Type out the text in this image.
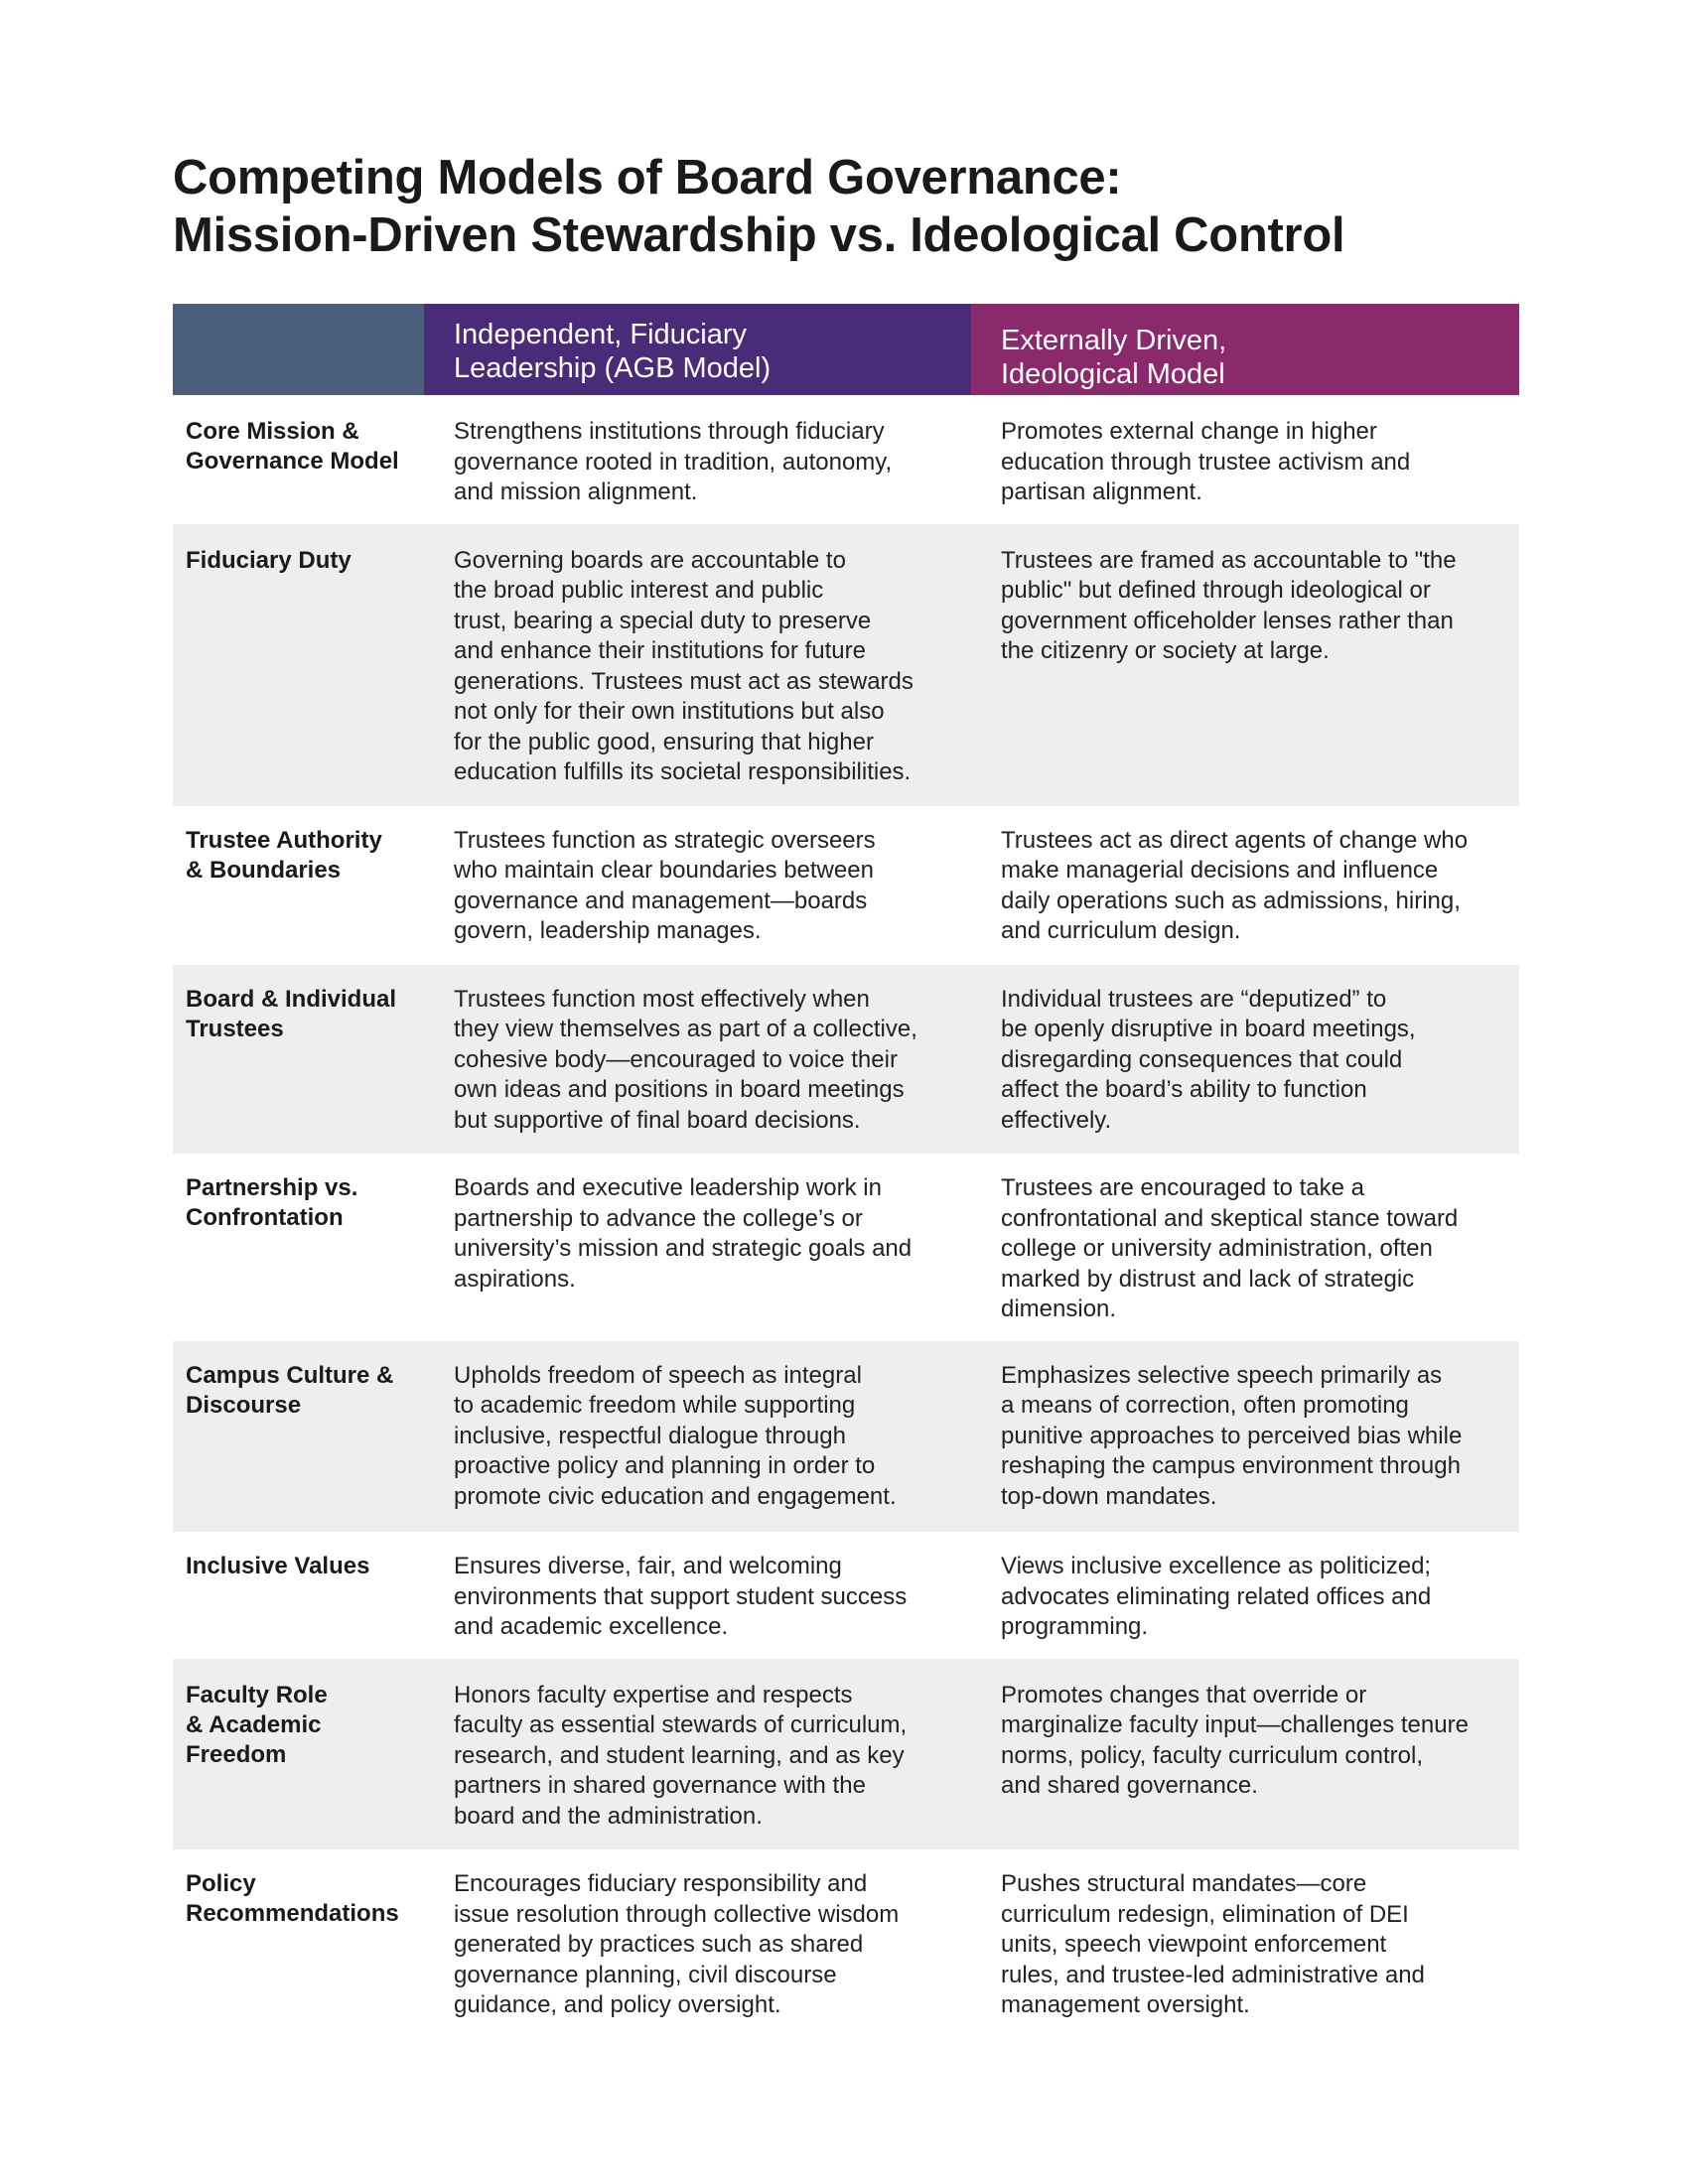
Competing Models of Board Governance:
Mission-Driven Stewardship vs. Ideological Control
Independent, Fiduciary
Leadership (AGB Model)
Externally Driven,
Ideological Model
Core Mission &
Governance Model
Strengthens institutions through fiduciary
governance rooted in tradition, autonomy,
and mission alignment.
Promotes external change in higher
education through trustee activism and
partisan alignment.
Fiduciary Duty	Governing boards are accountable to
the broad public interest and public
trust, bearing a special duty to preserve
and enhance their institutions for future
generations. Trustees must act as stewards
not only for their own institutions but also
for the public good, ensuring that higher
education fulfills its societal responsibilities.
Trustees are framed as accountable to "the
public" but defined through ideological or
government officeholder lenses rather than
the citizenry or society at large.
Trustee Authority
& Boundaries
Trustees function as strategic overseers
who maintain clear boundaries between
governance and management—boards
govern, leadership manages.
Trustees act as direct agents of change who
make managerial decisions and influence
daily operations such as admissions, hiring,
and curriculum design.
Board & Individual
Trustees
Trustees function most effectively when
they view themselves as part of a collective,
cohesive body—encouraged to voice their
own ideas and positions in board meetings
but supportive of final board decisions.
Individual trustees are “deputized” to
be openly disruptive in board meetings,
disregarding consequences that could
affect the board’s ability to function
effectively.
Partnership vs.
Confrontation
Boards and executive leadership work in
partnership to advance the college’s or
university’s mission and strategic goals and
aspirations.
Trustees are encouraged to take a
confrontational and skeptical stance toward
college or university administration, often
marked by distrust and lack of strategic
dimension.
Campus Culture &
Discourse
Upholds freedom of speech as integral
to academic freedom while supporting
inclusive, respectful dialogue through
proactive policy and planning in order to
promote civic education and engagement.
Emphasizes selective speech primarily as
a means of correction, often promoting
punitive approaches to perceived bias while
reshaping the campus environment through
top-down mandates.
Inclusive Values	Ensures diverse, fair, and welcoming
environments that support student success
and academic excellence.
Views inclusive excellence as politicized;
advocates eliminating related offices and
programming.
Faculty Role
& Academic
Freedom
Honors faculty expertise and respects
faculty as essential stewards of curriculum,
research, and student learning, and as key
partners in shared governance with the
board and the administration.
Promotes changes that override or
marginalize faculty input—challenges tenure
norms, policy, faculty curriculum control,
and shared governance.
Policy
Recommendations
Encourages fiduciary responsibility and
issue resolution through collective wisdom
generated by practices such as shared
governance planning, civil discourse
guidance, and policy oversight.
Pushes structural mandates—core
curriculum redesign, elimination of DEI
units, speech viewpoint enforcement
rules, and trustee-led administrative and
management oversight.
